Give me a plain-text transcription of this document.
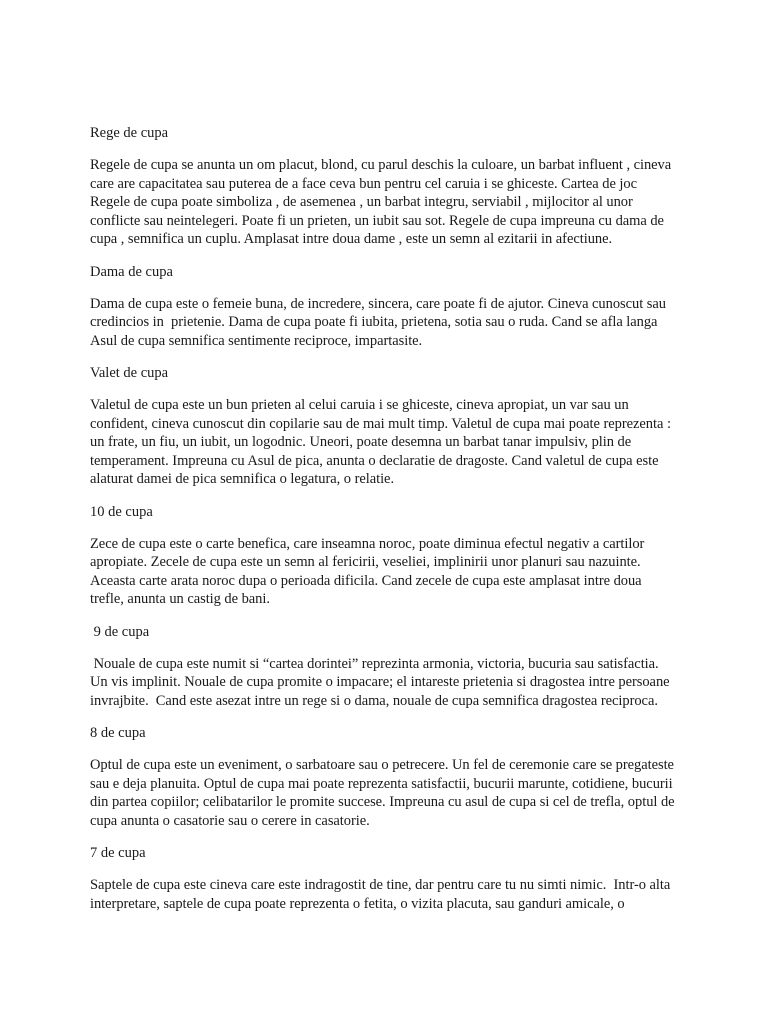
Rege de cupa
Regele de cupa se anunta un om placut, blond, cu parul deschis la culoare, un barbat influent , cineva care are capacitatea sau puterea de a face ceva bun pentru cel caruia i se ghiceste. Cartea de joc Regele de cupa poate simboliza , de asemenea , un barbat integru, serviabil , mijlocitor al unor conflicte sau neintelegeri. Poate fi un prieten, un iubit sau sot. Regele de cupa impreuna cu dama de cupa , semnifica un cuplu. Amplasat intre doua dame , este un semn al ezitarii in afectiune.
Dama de cupa
Dama de cupa este o femeie buna, de incredere, sincera, care poate fi de ajutor. Cineva cunoscut sau credincios in  prietenie. Dama de cupa poate fi iubita, prietena, sotia sau o ruda. Cand se afla langa Asul de cupa semnifica sentimente reciproce, impartasite.
Valet de cupa
Valetul de cupa este un bun prieten al celui caruia i se ghiceste, cineva apropiat, un var sau un confident, cineva cunoscut din copilarie sau de mai mult timp. Valetul de cupa mai poate reprezenta : un frate, un fiu, un iubit, un logodnic. Uneori, poate desemna un barbat tanar impulsiv, plin de temperament. Impreuna cu Asul de pica, anunta o declaratie de dragoste. Cand valetul de cupa este alaturat damei de pica semnifica o legatura, o relatie.
10 de cupa
Zece de cupa este o carte benefica, care inseamna noroc, poate diminua efectul negativ a cartilor apropiate. Zecele de cupa este un semn al fericirii, veseliei, implinirii unor planuri sau nazuinte. Aceasta carte arata noroc dupa o perioada dificila. Cand zecele de cupa este amplasat intre doua trefle, anunta un castig de bani.
9 de cupa
Nouale de cupa este numit si “cartea dorintei” reprezinta armonia, victoria, bucuria sau satisfactia. Un vis implinit. Nouale de cupa promite o impacare; el intareste prietenia si dragostea intre persoane invrajbite.  Cand este asezat intre un rege si o dama, nouale de cupa semnifica dragostea reciproca.
8 de cupa
Optul de cupa este un eveniment, o sarbatoare sau o petrecere. Un fel de ceremonie care se pregateste sau e deja planuita. Optul de cupa mai poate reprezenta satisfactii, bucurii marunte, cotidiene, bucurii din partea copiilor; celibatarilor le promite succese. Impreuna cu asul de cupa si cel de trefla, optul de cupa anunta o casatorie sau o cerere in casatorie.
7 de cupa
Saptele de cupa este cineva care este indragostit de tine, dar pentru care tu nu simti nimic.  Intr-o alta interpretare, saptele de cupa poate reprezenta o fetita, o vizita placuta, sau ganduri amicale, o
